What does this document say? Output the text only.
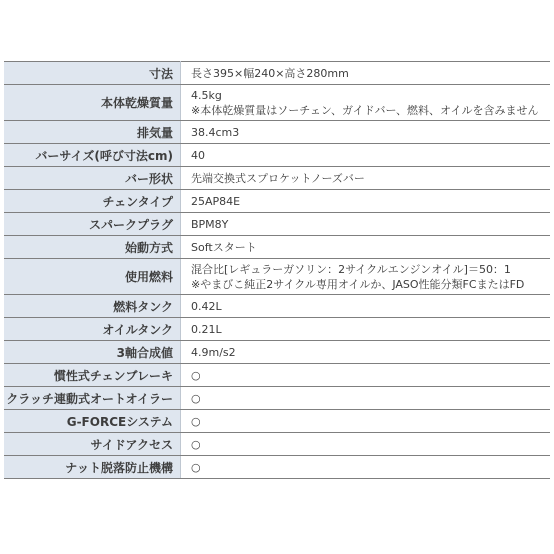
寸法	長さ395×幅240×高さ280mm

本体乾燥質量	4.5kg
※本体乾燥質量はソーチェン、ガイドバー、燃料、オイルを含みません

排気量	38.4cm3

バーサイズ(呼び寸法cm)	40

バー形状	先端交換式スプロケットノーズバー

チェンタイプ	25AP84E

スパークプラグ	BPM8Y

始動方式	Softスタート

使用燃料	混合比[レギュラーガソリン：2サイクルエンジンオイル]＝50：1
※やまびこ純正2サイクル専用オイルか、JASO性能分類FCまたはFD

燃料タンク	0.42L

オイルタンク	0.21L

3軸合成値	4.9m/s2

慣性式チェンブレーキ	○

クラッチ連動式オートオイラー	○

G-FORCEシステム	○

サイドアクセス	○

ナット脱落防止機構	○
